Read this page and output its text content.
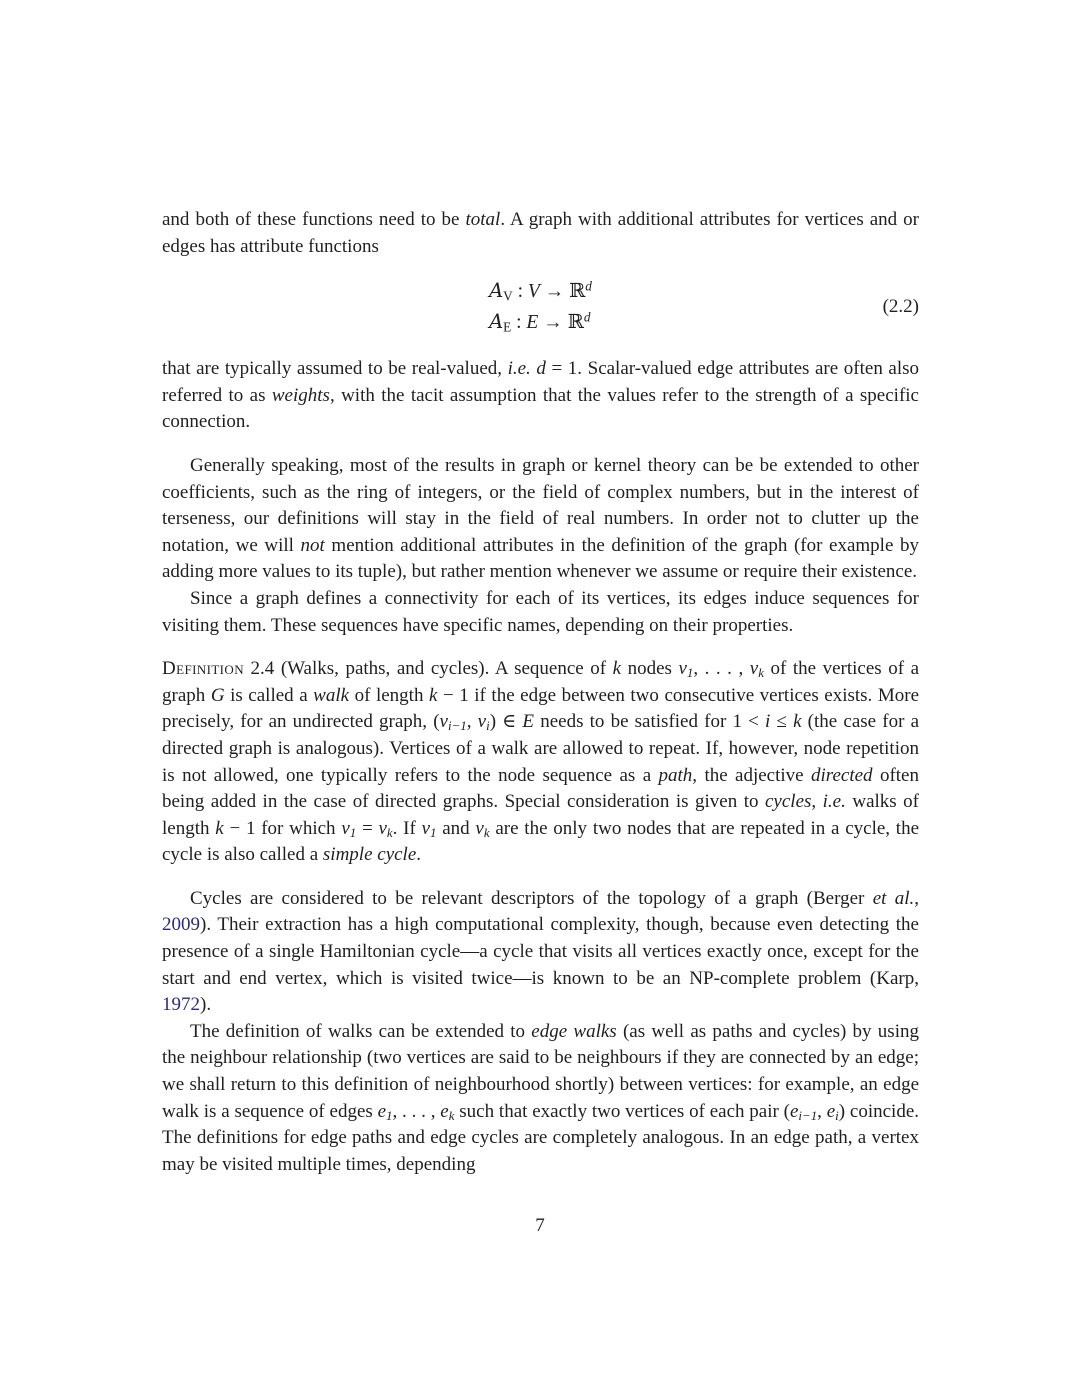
and both of these functions need to be total. A graph with additional attributes for vertices and or edges has attribute functions

$A_V$ : V → ℝ$^d$
$A_E$ : E → ℝ$^d$	(2.2)

that are typically assumed to be real-valued, i.e. d = 1. Scalar-valued edge attributes are often also referred to as weights, with the tacit assumption that the values refer to the strength of a specific connection.

Generally speaking, most of the results in graph or kernel theory can be be extended to other coefficients, such as the ring of integers, or the field of complex numbers, but in the interest of terseness, our definitions will stay in the field of real numbers. In order not to clutter up the notation, we will not mention additional attributes in the definition of the graph (for example by adding more values to its tuple), but rather mention whenever we assume or require their existence.

Since a graph defines a connectivity for each of its vertices, its edges induce sequences for visiting them. These sequences have specific names, depending on their properties.

Definition 2.4 (Walks, paths, and cycles). A sequence of k nodes $v_1$, . . . , $v_k$ of the vertices of a graph G is called a walk of length k − 1 if the edge between two consecutive vertices exists. More precisely, for an undirected graph, ($v_{i-1}$, $v_i$) ∈ E needs to be satisfied for 1 < i ≤ k (the case for a directed graph is analogous). Vertices of a walk are allowed to repeat. If, however, node repetition is not allowed, one typically refers to the node sequence as a path, the adjective directed often being added in the case of directed graphs. Special consideration is given to cycles, i.e. walks of length k − 1 for which $v_1 = v_k$. If $v_1$ and $v_k$ are the only two nodes that are repeated in a cycle, the cycle is also called a simple cycle.

Cycles are considered to be relevant descriptors of the topology of a graph (Berger et al., 2009). Their extraction has a high computational complexity, though, because even detecting the presence of a single Hamiltonian cycle—a cycle that visits all vertices exactly once, except for the start and end vertex, which is visited twice—is known to be an NP-complete problem (Karp, 1972).

The definition of walks can be extended to edge walks (as well as paths and cycles) by using the neighbour relationship (two vertices are said to be neighbours if they are connected by an edge; we shall return to this definition of neighbourhood shortly) between vertices: for example, an edge walk is a sequence of edges $e_1$, . . . , $e_k$ such that exactly two vertices of each pair ($e_{i-1}$, $e_i$) coincide. The definitions for edge paths and edge cycles are completely analogous. In an edge path, a vertex may be visited multiple times, depending

7
